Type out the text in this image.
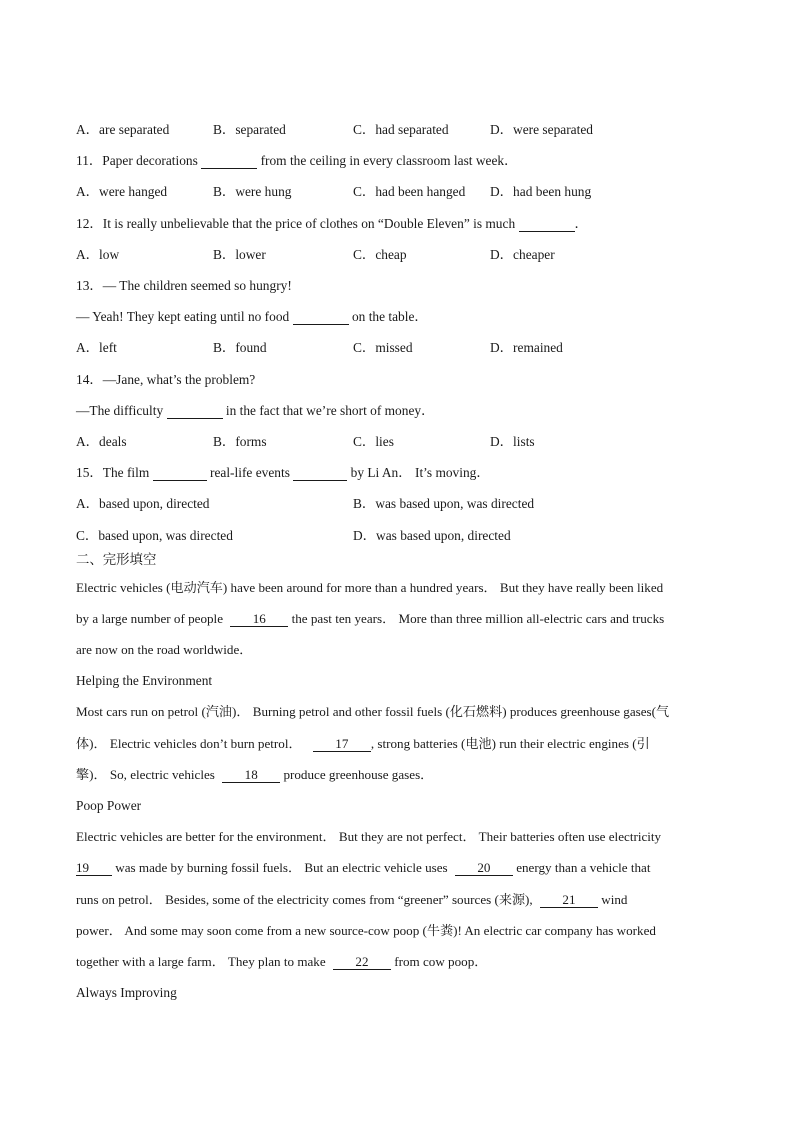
A．are separated	B．separated	C．had separated	D．were separated
11．Paper decorations	from the ceiling in every classroom last week．
A．were hanged	B．were hung	C．had been hanged D．had been hung
12．It is really unbelievable that the price of clothes on “Double Eleven” is much	．
A．low	B．lower	C．cheap	D．cheaper
13．— The children seemed so hungry!
— Yeah! They kept eating until no food	on the table．
A．left	B．found	C．missed	D．remained
14．—Jane, what’s the problem?
—The difficulty	in the fact that we’re short of money．
A．deals	B．forms	C．lies	D．lists
15．The film	real-life events	by Li An． It’s moving．
A．based upon, directed	B．was based upon, was directed
C．based upon, was directed	D．was based upon, directed
二、完形填空
Electric vehicles (电动汽车) have been around for more than a hundred years． But they have really been liked
by a large number of people 16 the past ten years． More than three million all-electric cars and trucks
are now on the road worldwide．
Helping the Environment
Most cars run on petrol (汽油)． Burning petrol and other fossil fuels (化石燃料) produces greenhouse gases(气
体)． Electric vehicles don’t burn petrol．	17 , strong batteries (电池) run their electric engines (引
擎)． So, electric vehicles 18 produce greenhouse gases．
Poop Power
Electric vehicles are better for the environment． But they are not perfect． Their batteries often use electricity
19 was made by burning fossil fuels． But an electric vehicle uses 20 energy than a vehicle that
runs on petrol． Besides, some of the electricity comes from “greener” sources (来源), 21 wind
power． And some may soon come from a new source-cow poop (牛粪)! An electric car company has worked
together with a large farm． They plan to make 22 from cow poop．
Always Improving
